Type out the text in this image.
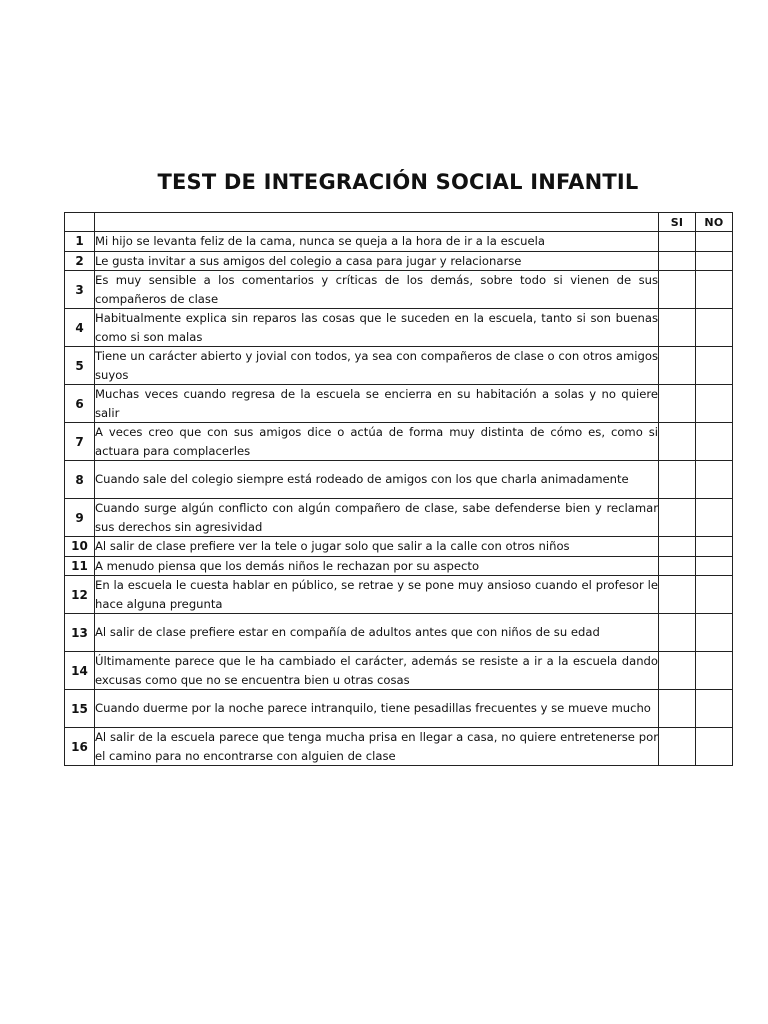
TEST DE INTEGRACIÓN SOCIAL INFANTIL
		SI	NO
1	Mi hijo se levanta feliz de la cama, nunca se queja a la hora de ir a la escuela		
2	Le gusta invitar a sus amigos del colegio a casa para jugar y relacionarse		
3	Es muy sensible a los comentarios y críticas de los demás, sobre todo si vienen de sus compañeros de clase		
4	Habitualmente explica sin reparos las cosas que le suceden en la escuela, tanto si son buenas como si son malas		
5	Tiene un carácter abierto y jovial con todos, ya sea con compañeros de clase o con otros amigos suyos		
6	Muchas veces cuando regresa de la escuela se encierra en su habitación a solas y no quiere salir		
7	A veces creo que con sus amigos dice o actúa de forma muy distinta de cómo es, como si actuara para complacerles		
8	Cuando sale del colegio siempre está rodeado de amigos con los que charla animadamente		
9	Cuando surge algún conflicto con algún compañero de clase, sabe defenderse bien y reclamar sus derechos sin agresividad		
10	Al salir de clase prefiere ver la tele o jugar solo que salir a la calle con otros niños		
11	A menudo piensa que los demás niños le rechazan por su aspecto		
12	En la escuela le cuesta hablar en público, se retrae y se pone muy ansioso cuando el profesor le hace alguna pregunta		
13	Al salir de clase prefiere estar en compañía de adultos antes que con niños de su edad		
14	Últimamente parece que le ha cambiado el carácter, además se resiste a ir a la escuela dando excusas como que no se encuentra bien u otras cosas		
15	Cuando duerme por la noche parece intranquilo, tiene pesadillas frecuentes y se mueve mucho		
16	Al salir de la escuela parece que tenga mucha prisa en llegar a casa, no quiere entretenerse por el camino para no encontrarse con alguien de clase		
